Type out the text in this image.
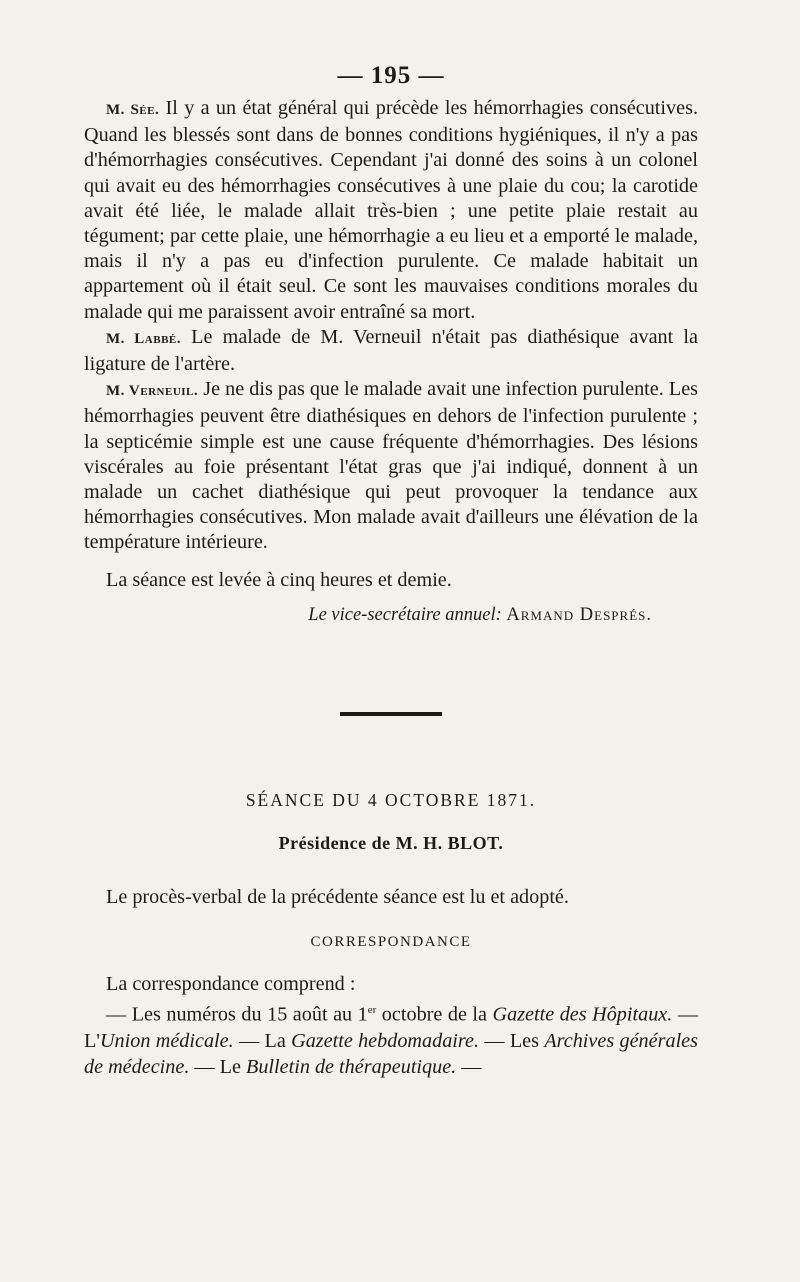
— 195 —

M. Sée. Il y a un état général qui précède les hémorrhagies consécutives. Quand les blessés sont dans de bonnes conditions hygiéniques, il n'y a pas d'hémorrhagies consécutives. Cependant j'ai donné des soins à un colonel qui avait eu des hémorrhagies consécutives à une plaie du cou; la carotide avait été liée, le malade allait très-bien ; une petite plaie restait au tégument; par cette plaie, une hémorrhagie a eu lieu et a emporté le malade, mais il n'y a pas eu d'infection purulente. Ce malade habitait un appartement où il était seul. Ce sont les mauvaises conditions morales du malade qui me paraissent avoir entraîné sa mort.

M. Labbé. Le malade de M. Verneuil n'était pas diathésique avant la ligature de l'artère.

M. Verneuil. Je ne dis pas que le malade avait une infection purulente. Les hémorrhagies peuvent être diathésiques en dehors de l'infection purulente ; la septicémie simple est une cause fréquente d'hémorrhagies. Des lésions viscérales au foie présentant l'état gras que j'ai indiqué, donnent à un malade un cachet diathésique qui peut provoquer la tendance aux hémorrhagies consécutives. Mon malade avait d'ailleurs une élévation de la température intérieure.

La séance est levée à cinq heures et demie.

Le vice-secrétaire annuel: Armand Després.
SÉANCE DU 4 OCTOBRE 1871.
Présidence de M. H. BLOT.

Le procès-verbal de la précédente séance est lu et adopté.

CORRESPONDANCE

La correspondance comprend :

— Les numéros du 15 août au 1er octobre de la Gazette des Hôpitaux. — L'Union médicale. — La Gazette hebdomadaire. — Les Archives générales de médecine. — Le Bulletin de thérapeutique. —
